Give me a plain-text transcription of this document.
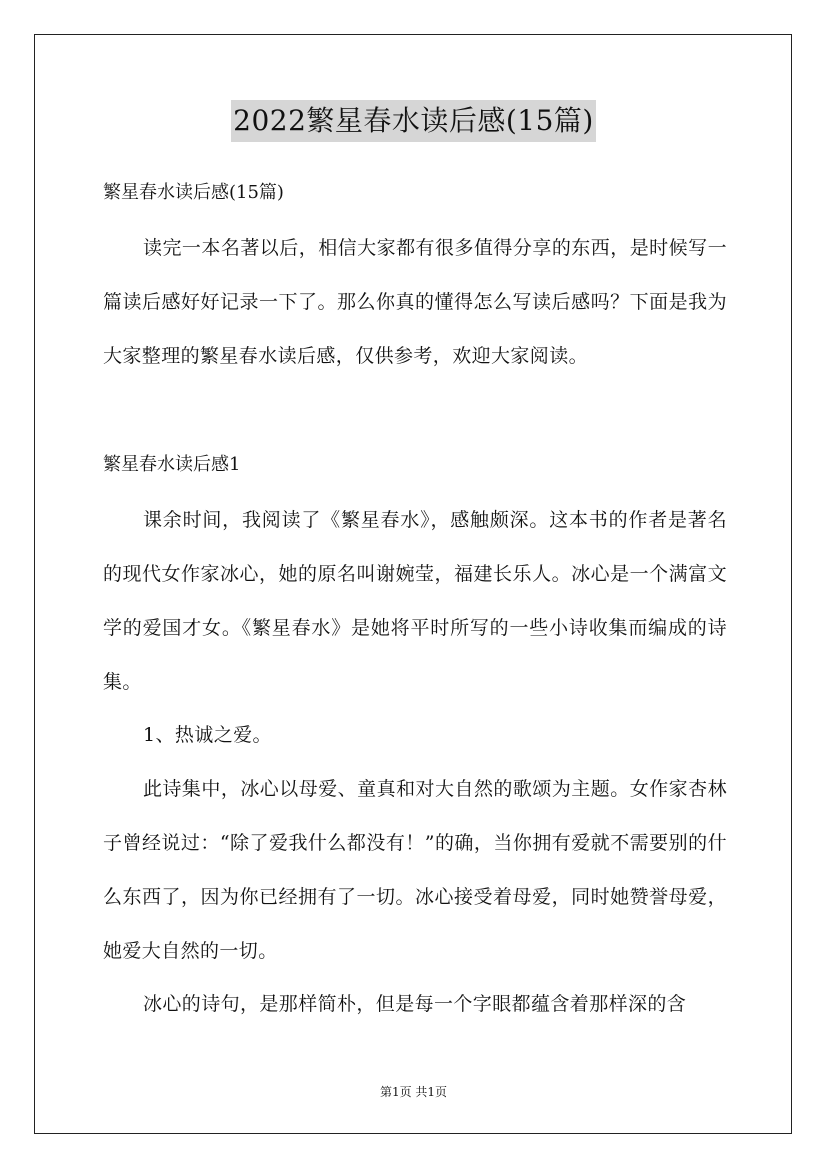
2022繁星春水读后感(15篇)
繁星春水读后感(15篇)
读完一本名著以后，相信大家都有很多值得分享的东西，是时候写一篇读后感好好记录一下了。那么你真的懂得怎么写读后感吗？下面是我为大家整理的繁星春水读后感，仅供参考，欢迎大家阅读。
繁星春水读后感1
课余时间，我阅读了《繁星春水》，感触颇深。这本书的作者是著名的现代女作家冰心，她的原名叫谢婉莹，福建长乐人。冰心是一个满富文学的爱国才女。《繁星春水》是她将平时所写的一些小诗收集而编成的诗集。
1、热诚之爱。
此诗集中，冰心以母爱、童真和对大自然的歌颂为主题。女作家杏林子曾经说过：“除了爱我什么都没有！”的确，当你拥有爱就不需要别的什么东西了，因为你已经拥有了一切。冰心接受着母爱，同时她赞誉母爱，她爱大自然的一切。
冰心的诗句，是那样简朴，但是每一个字眼都蕴含着那样深的含
第1页 共1页
